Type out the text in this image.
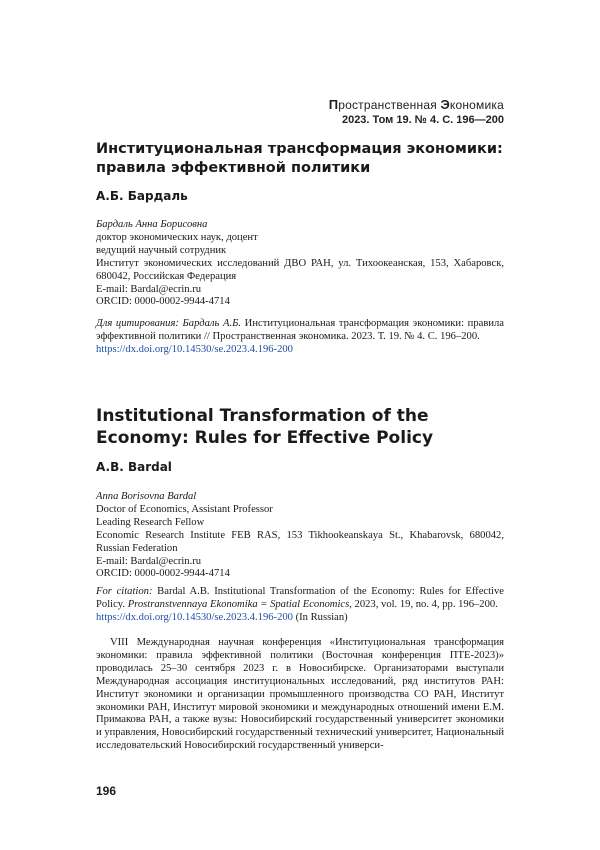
Пространственная Экономика
2023. Том 19. № 4. С. 196—200
Институциональная трансформация экономики: правила эффективной политики
А.Б. Бардаль
Бардаль Анна Борисовна
доктор экономических наук, доцент
ведущий научный сотрудник
Институт экономических исследований ДВО РАН, ул. Тихоокеанская, 153, Хабаровск, 680042, Российская Федерация
E-mail: Bardal@ecrin.ru
ORCID: 0000-0002-9944-4714
Для цитирования: Бардаль А.Б. Институциональная трансформация экономики: правила эффективной политики // Пространственная экономика. 2023. Т. 19. № 4. С. 196–200.
https://dx.doi.org/10.14530/se.2023.4.196-200
Institutional Transformation of the Economy: Rules for Effective Policy
A.B. Bardal
Anna Borisovna Bardal
Doctor of Economics, Assistant Professor
Leading Research Fellow
Economic Research Institute FEB RAS, 153 Tikhookeanskaya St., Khabarovsk, 680042, Russian Federation
E-mail: Bardal@ecrin.ru
ORCID: 0000-0002-9944-4714
For citation: Bardal A.B. Institutional Transformation of the Economy: Rules for Effective Policy. Prostranstvennaya Ekonomika = Spatial Economics, 2023, vol. 19, no. 4, pp. 196–200.
https://dx.doi.org/10.14530/se.2023.4.196-200 (In Russian)

VIII Международная научная конференция «Институциональная трансформация экономики: правила эффективной политики (Восточная конференция ПТЕ-2023)» проводилась 25–30 сентября 2023 г. в Новосибирске. Организаторами выступали Международная ассоциация институциональных исследований, ряд институтов РАН: Институт экономики и организации промышленного производства СО РАН, Институт экономики РАН, Институт мировой экономики и международных отношений имени Е.М. Примакова РАН, а также вузы: Новосибирский государственный университет экономики и управления, Новосибирский государственный технический университет, Национальный исследовательский Новосибирский государственный универси-

196
